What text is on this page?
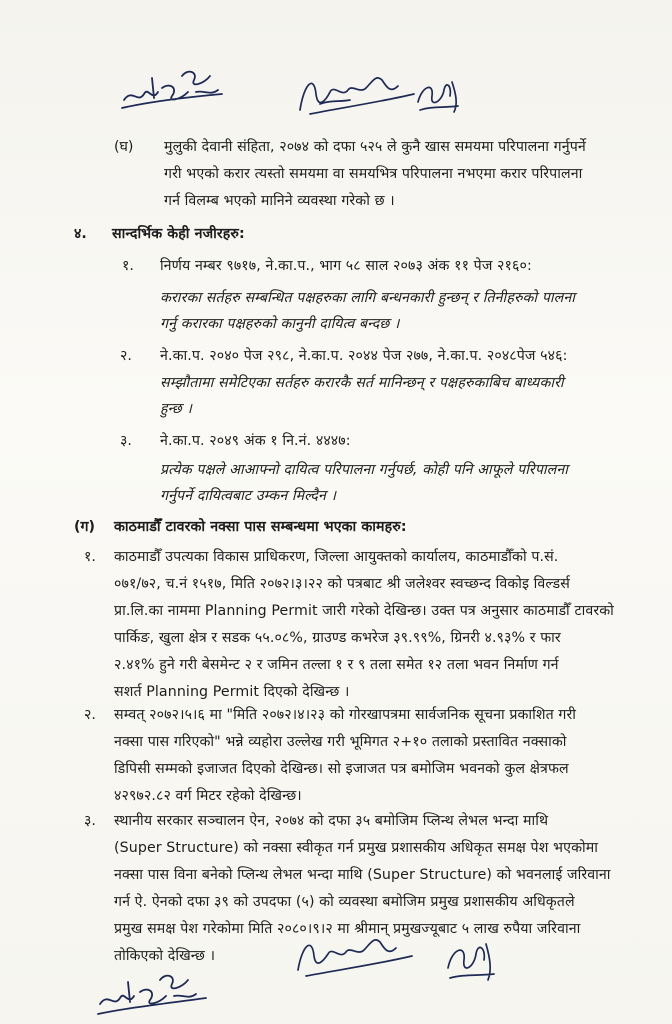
(घ) मुलुकी देवानी संहिता, २०७४ को दफा ५२५ ले कुनै खास समयमा परिपालना गर्नुपर्ने
गरी भएको करार त्यस्तो समयमा वा समयभित्र परिपालना नभएमा करार परिपालना
गर्न विलम्ब भएको मानिने व्यवस्था गरेको छ ।
४. सान्दर्भिक केही नजीरहरु:
१. निर्णय नम्बर ९७१७, ने.का.प., भाग ५८ साल २०७३ अंक ११ पेज २१६०:
करारका सर्तहरु सम्बन्धित पक्षहरुका लागि बन्धनकारी हुन्छन् र तिनीहरुको पालना
गर्नु करारका पक्षहरुको कानुनी दायित्व बन्दछ ।
२. ने.का.प. २०४० पेज २९८, ने.का.प. २०४४ पेज २७७, ने.का.प. २०४८पेज ५४६:
सम्झौतामा समेटिएका सर्तहरु करारकै सर्त मानिन्छन् र पक्षहरुकाबिच बाध्यकारी
हुन्छ ।
३. ने.का.प. २०४९ अंक १ नि.नं. ४४४७:
प्रत्येक पक्षले आआफ्नो दायित्व परिपालना गर्नुपर्छ, कोही पनि आफूले परिपालना
गर्नुपर्ने दायित्वबाट उम्कन मिल्दैन ।
(ग) काठमाडौँ टावरको नक्सा पास सम्बन्धमा भएका कामहरु:
१. काठमाडौँ उपत्यका विकास प्राधिकरण, जिल्ला आयुक्तको कार्यालय, काठमाडौँको प.सं.
०७१/७२, च.नं १५१७, मिति २०७२।३।२२ को पत्रबाट श्री जलेश्वर स्वच्छन्द विकोइ विल्डर्स
प्रा.लि.का नाममा Planning Permit जारी गरेको देखिन्छ। उक्त पत्र अनुसार काठमाडौँ टावरको
पार्किङ, खुला क्षेत्र र सडक ५५.०८%, ग्राउण्ड कभरेज ३९.९९%, ग्रिनरी ४.९३% र फार
२.४१% हुने गरी बेसमेन्ट २ र जमिन तल्ला १ र ९ तला समेत १२ तला भवन निर्माण गर्न
सशर्त Planning Permit दिएको देखिन्छ ।
२. सम्वत् २०७२।५।६ मा "मिति २०७२।४।२३ को गोरखापत्रमा सार्वजनिक सूचना प्रकाशित गरी
नक्सा पास गरिएको" भन्ने व्यहोरा उल्लेख गरी भूमिगत २+१० तलाको प्रस्तावित नक्साको
डिपिसी सम्मको इजाजत दिएको देखिन्छ। सो इजाजत पत्र बमोजिम भवनको कुल क्षेत्रफल
४२९७२.८२ वर्ग मिटर रहेको देखिन्छ।
३. स्थानीय सरकार सञ्चालन ऐन, २०७४ को दफा ३५ बमोजिम प्लिन्थ लेभल भन्दा माथि
(Super Structure) को नक्सा स्वीकृत गर्न प्रमुख प्रशासकीय अधिकृत समक्ष पेश भएकोमा
नक्सा पास विना बनेको प्लिन्थ लेभल भन्दा माथि (Super Structure) को भवनलाई जरिवाना
गर्न ऐ. ऐनको दफा ३९ को उपदफा (५) को व्यवस्था बमोजिम प्रमुख प्रशासकीय अधिकृतले
प्रमुख समक्ष पेश गरेकोमा मिति २०८०।९।२ मा श्रीमान् प्रमुखज्यूबाट ५ लाख रुपैया जरिवाना
तोकिएको देखिन्छ ।
